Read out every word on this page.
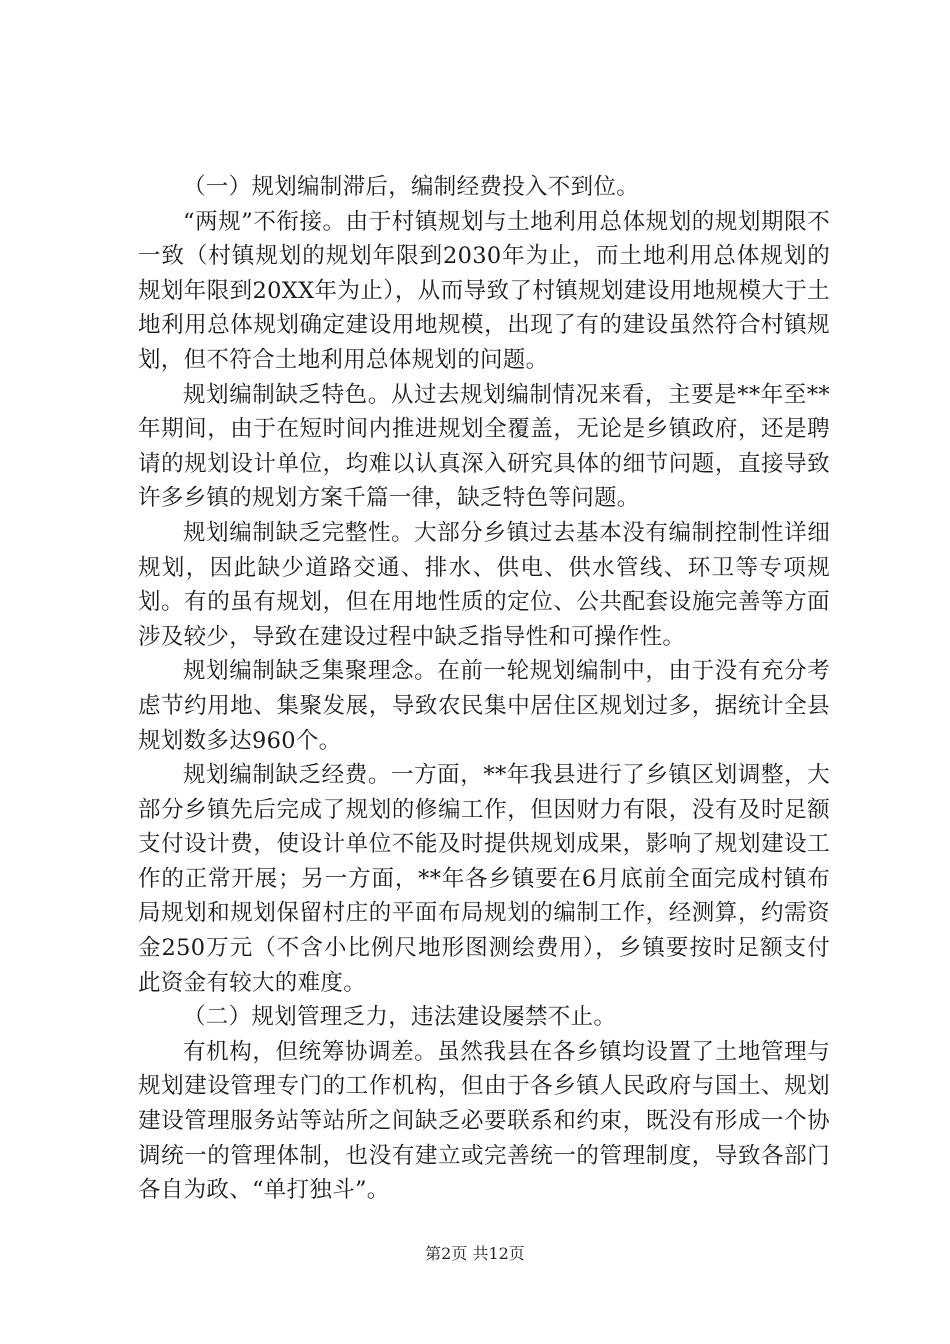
（一）规划编制滞后，编制经费投入不到位。

“两规”不衔接。由于村镇规划与土地利用总体规划的规划期限不一致（村镇规划的规划年限到2030年为止，而土地利用总体规划的规划年限到20XX年为止），从而导致了村镇规划建设用地规模大于土地利用总体规划确定建设用地规模，出现了有的建设虽然符合村镇规划，但不符合土地利用总体规划的问题。

规划编制缺乏特色。从过去规划编制情况来看，主要是**年至**年期间，由于在短时间内推进规划全覆盖，无论是乡镇政府，还是聘请的规划设计单位，均难以认真深入研究具体的细节问题，直接导致许多乡镇的规划方案千篇一律，缺乏特色等问题。

规划编制缺乏完整性。大部分乡镇过去基本没有编制控制性详细规划，因此缺少道路交通、排水、供电、供水管线、环卫等专项规划。有的虽有规划，但在用地性质的定位、公共配套设施完善等方面涉及较少，导致在建设过程中缺乏指导性和可操作性。

规划编制缺乏集聚理念。在前一轮规划编制中，由于没有充分考虑节约用地、集聚发展，导致农民集中居住区规划过多，据统计全县规划数多达960个。

规划编制缺乏经费。一方面，**年我县进行了乡镇区划调整，大部分乡镇先后完成了规划的修编工作，但因财力有限，没有及时足额支付设计费，使设计单位不能及时提供规划成果，影响了规划建设工作的正常开展；另一方面，**年各乡镇要在6月底前全面完成村镇布局规划和规划保留村庄的平面布局规划的编制工作，经测算，约需资金250万元（不含小比例尺地形图测绘费用），乡镇要按时足额支付此资金有较大的难度。

（二）规划管理乏力，违法建设屡禁不止。

有机构，但统筹协调差。虽然我县在各乡镇均设置了土地管理与规划建设管理专门的工作机构，但由于各乡镇人民政府与国土、规划建设管理服务站等站所之间缺乏必要联系和约束，既没有形成一个协调统一的管理体制，也没有建立或完善统一的管理制度，导致各部门各自为政、“单打独斗”。

第2页 共12页
